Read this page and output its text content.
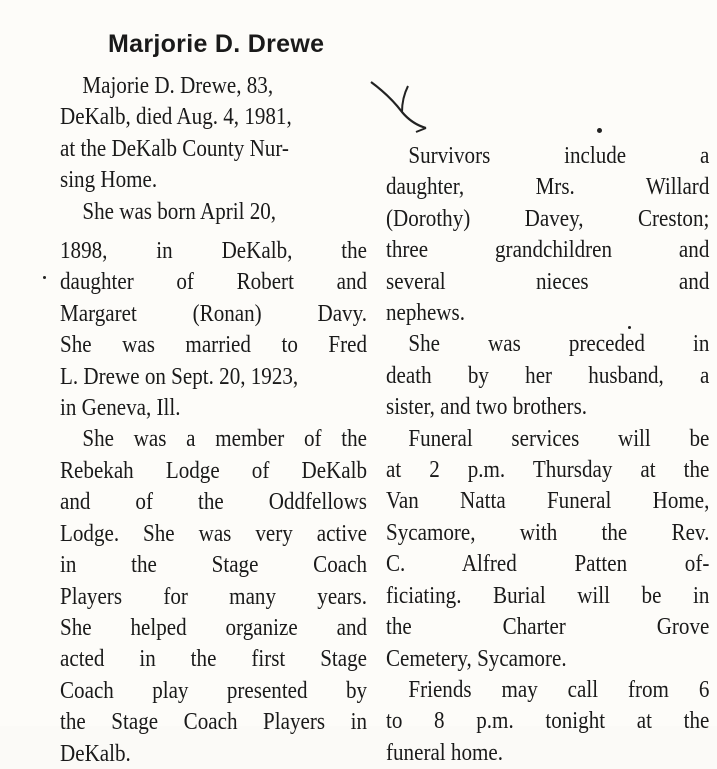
Marjorie D. Drewe

Majorie D. Drewe, 83,

DeKalb, died Aug. 4, 1981,

at the DeKalb County Nur-

sing Home.

She was born April 20,

1898, in DeKalb, the

daughter of Robert and

Margaret (Ronan) Davy.

She was married to Fred

L. Drewe on Sept. 20, 1923,

in Geneva, Ill.

She was a member of the

Rebekah Lodge of DeKalb

and of the Oddfellows

Lodge. She was very active

in the Stage Coach

Players for many years.

She helped organize and

acted in the first Stage

Coach play presented by

the Stage Coach Players in

DeKalb.

Survivors include a

daughter, Mrs. Willard

(Dorothy) Davey, Creston;

three grandchildren and

several nieces and

nephews.

She was preceded in

death by her husband, a

sister, and two brothers.

Funeral services will be

at 2 p.m. Thursday at the

Van Natta Funeral Home,

Sycamore, with the Rev.

C. Alfred Patten of-

ficiating. Burial will be in

the Charter Grove

Cemetery, Sycamore.

Friends may call from 6

to 8 p.m. tonight at the

funeral home.
